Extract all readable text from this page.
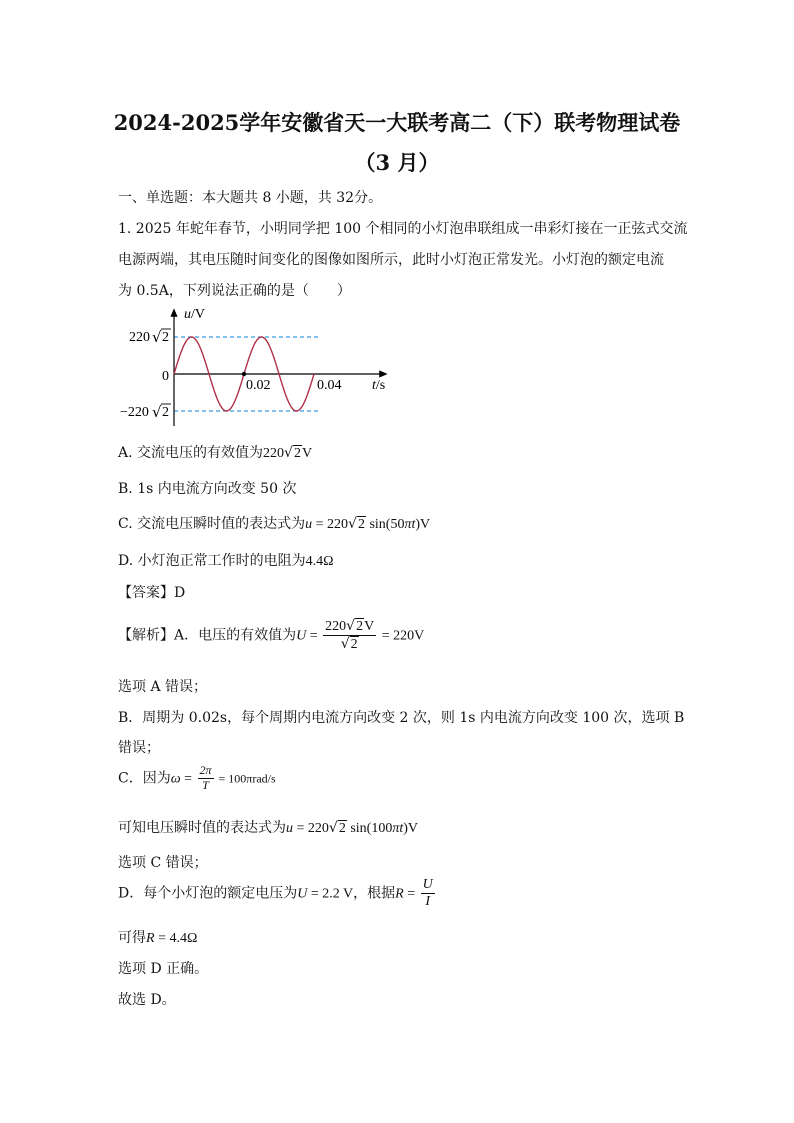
2024-2025学年安徽省天一大联考高二（下）联考物理试卷
（3 月）
一、单选题：本大题共 8 小题，共 32分。
1. 2025 年蛇年春节，小明同学把 100 个相同的小灯泡串联组成一串彩灯接在一正弦式交流
电源两端，其电压随时间变化的图像如图所示，此时小灯泡正常发光。小灯泡的额定电流
为 0.5A，下列说法正确的是（　　）
u/V
t/s
0
0.02	0.04
220 √ 2
−220 √ 2
A. 交流电压的有效值为220√2V
B. 1s 内电流方向改变 50 次
C. 交流电压瞬时值的表达式为u = 220√2 sin(50πt)V
D. 小灯泡正常工作时的电阻为4.4Ω
【答案】D
【解析】A．电压的有效值为$U = \frac{220√2V}{√2} = 220V$
选项 A 错误；
B．周期为 0.02s，每个周期内电流方向改变 2 次，则 1s 内电流方向改变 100 次，选项 B
错误；
C．因为$\omega = \frac{2\pi}{T} = 100\pi rad/s$
可知电压瞬时值的表达式为u = 220√2 sin(100πt)V
选项 C 错误；
D．每个小灯泡的额定电压为U = 2.2 V，根据$R = \frac{U}{I}$
可得R = 4.4Ω
选项 D 正确。
故选 D。
